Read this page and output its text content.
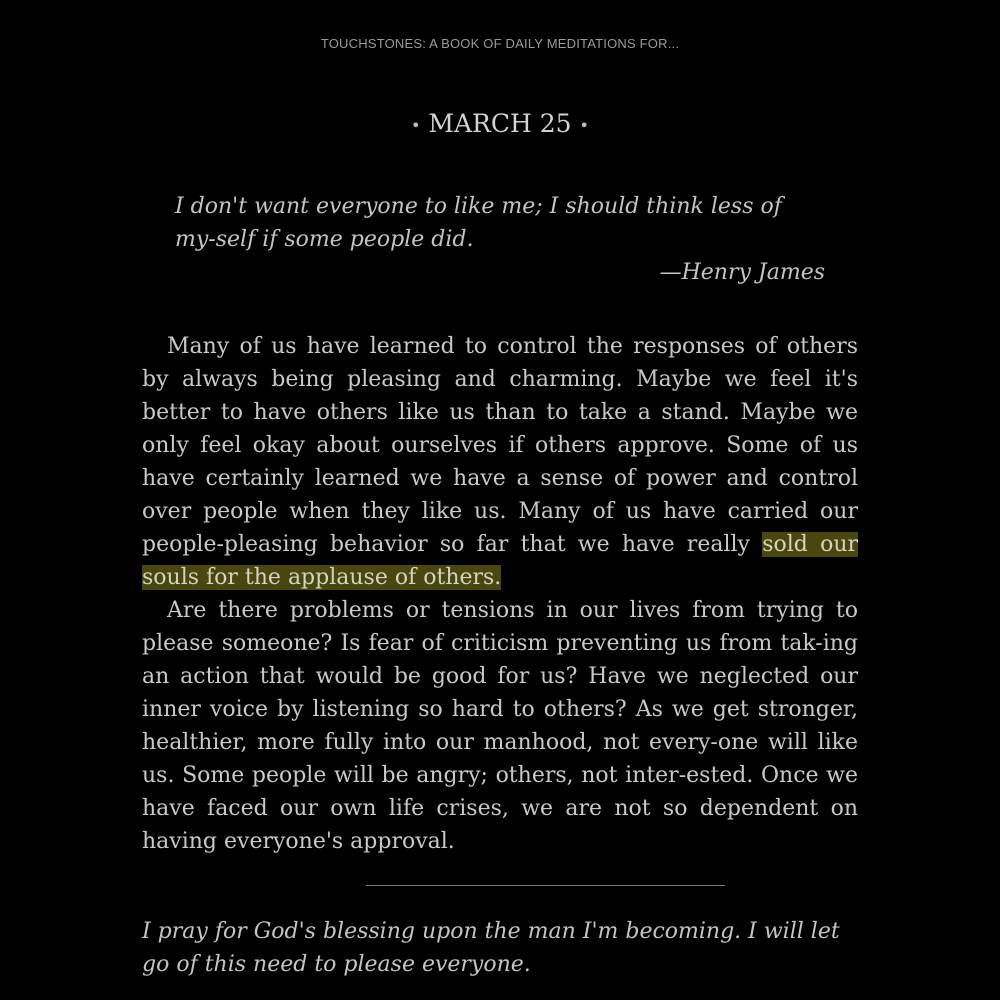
TOUCHSTONES: A BOOK OF DAILY MEDITATIONS FOR...
• MARCH 25 •
I don't want everyone to like me; I should think less of my-self if some people did.
—Henry James

Many of us have learned to control the responses of others by always being pleasing and charming. Maybe we feel it's better to have others like us than to take a stand. Maybe we only feel okay about ourselves if others approve. Some of us have certainly learned we have a sense of power and control over people when they like us. Many of us have carried our people-pleasing behavior so far that we have really sold our souls for the applause of others.

Are there problems or tensions in our lives from trying to please someone? Is fear of criticism preventing us from tak-ing an action that would be good for us? Have we neglected our inner voice by listening so hard to others? As we get stronger, healthier, more fully into our manhood, not every-one will like us. Some people will be angry; others, not inter-ested. Once we have faced our own life crises, we are not so dependent on having everyone's approval.

I pray for God's blessing upon the man I'm becoming. I will let go of this need to please everyone.
